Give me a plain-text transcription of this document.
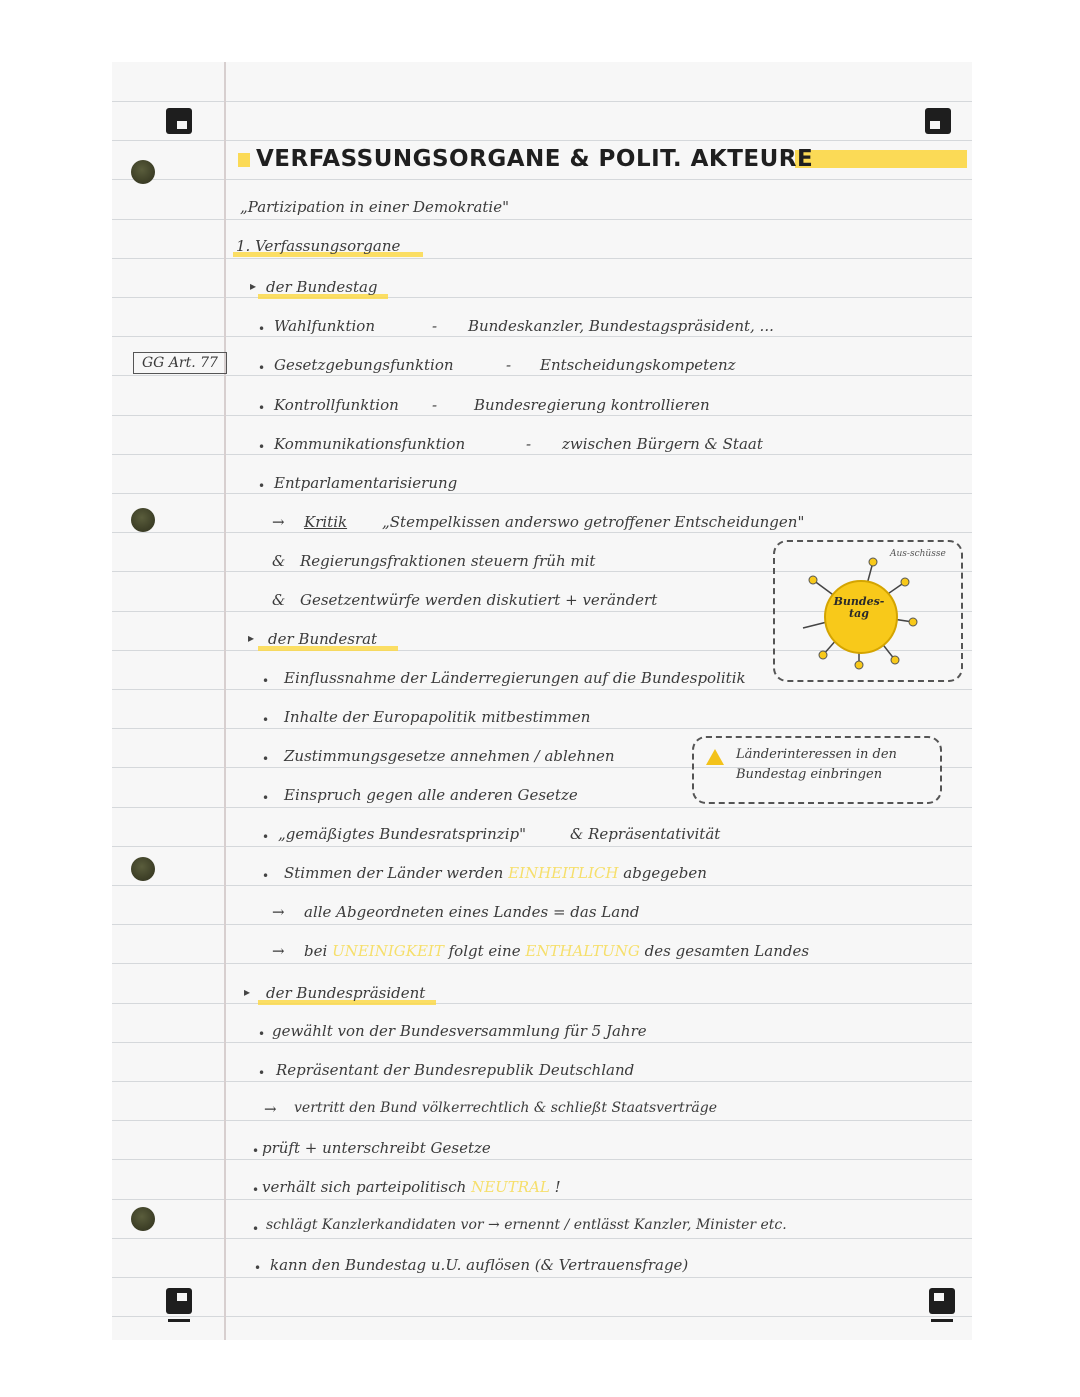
VERFASSUNGSORGANE & POLIT. AKTEURE
„Partizipation in einer Demokratie"
GG Art. 77
1. Verfassungsorgane
▸ der Bundestag
• Wahlfunktion	- Bundeskanzler, Bundestagspräsident, ...
• Gesetzgebungsfunktion	- Entscheidungskompetenz
• Kontrollfunktion - Bundesregierung kontrollieren
• Kommunikationsfunktion	- zwischen Bürgern & Staat
• Entparlamentarisierung
→ Kritik „Stempelkissen anderswo getroffener Entscheidungen"
& Regierungsfraktionen steuern früh mit
& Gesetzentwürfe werden diskutiert + verändert	Bundes-tag
Aus-schüsse
▸ der Bundesrat
• Einflussnahme der Länderregierungen auf die Bundespolitik
• Inhalte der Europapolitik mitbestimmen
• Zustimmungsgesetze annehmen / ablehnen
• Einspruch gegen alle anderen Gesetze
• „gemäßigtes Bundesratsprinzip"	& Repräsentativität
Länderinteressen in den Bundestag einbringen
• Stimmen der Länder werden EINHEITLICH abgegeben
→ alle Abgeordneten eines Landes = das Land
→ bei UNEINIGKEIT folgt eine ENTHALTUNG des gesamten Landes
▸ der Bundespräsident
• gewählt von der Bundesversammlung für 5 Jahre
• Repräsentant der Bundesrepublik Deutschland
→ vertritt den Bund völkerrechtlich & schließt Staatsverträge
• prüft + unterschreibt Gesetze
• verhält sich parteipolitisch NEUTRAL !
• schlägt Kanzlerkandidaten vor → ernennt / entlässt Kanzler, Minister etc.
• kann den Bundestag u.U. auflösen (& Vertrauensfrage)
